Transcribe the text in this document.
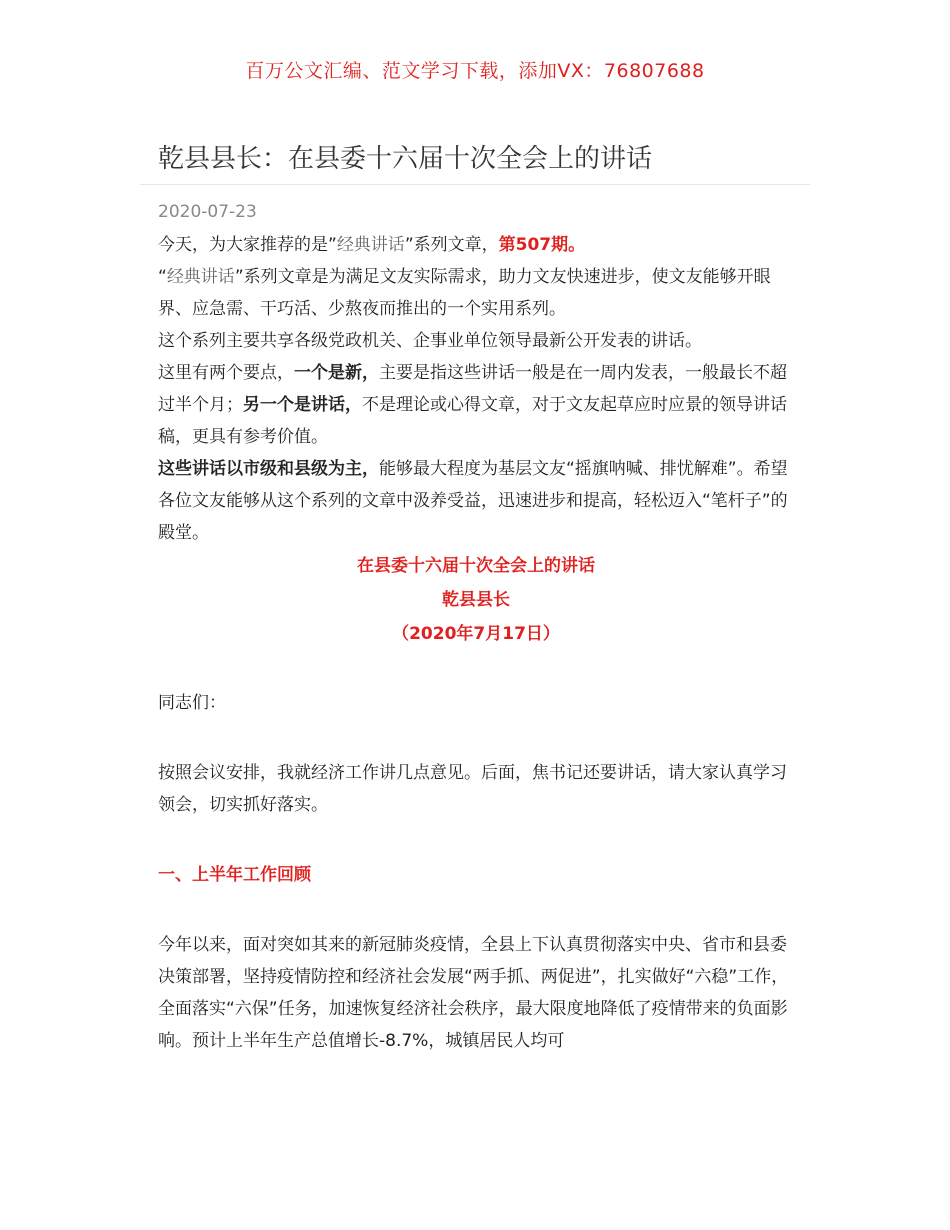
百万公文汇编、范文学习下载，添加VX：76807688
乾县县长：在县委十六届十次全会上的讲话
2020-07-23

今天，为大家推荐的是”经典讲话”系列文章，第507期。

“经典讲话”系列文章是为满足文友实际需求，助力文友快速进步，使文友能够开眼界、应急需、干巧活、少熬夜而推出的一个实用系列。

这个系列主要共享各级党政机关、企事业单位领导最新公开发表的讲话。

这里有两个要点，一个是新，主要是指这些讲话一般是在一周内发表，一般最长不超过半个月；另一个是讲话，不是理论或心得文章，对于文友起草应时应景的领导讲话稿，更具有参考价值。

这些讲话以市级和县级为主，能够最大程度为基层文友“摇旗呐喊、排忧解难”。希望各位文友能够从这个系列的文章中汲养受益，迅速进步和提高，轻松迈入“笔杆子”的殿堂。

在县委十六届十次全会上的讲话

乾县县长

（2020年7月17日）

同志们：

按照会议安排，我就经济工作讲几点意见。后面，焦书记还要讲话，请大家认真学习领会，切实抓好落实。

一、上半年工作回顾

今年以来，面对突如其来的新冠肺炎疫情，全县上下认真贯彻落实中央、省市和县委决策部署，坚持疫情防控和经济社会发展“两手抓、两促进”，扎实做好“六稳”工作，全面落实“六保”任务，加速恢复经济社会秩序，最大限度地降低了疫情带来的负面影响。预计上半年生产总值增长-8.7%，城镇居民人均可
